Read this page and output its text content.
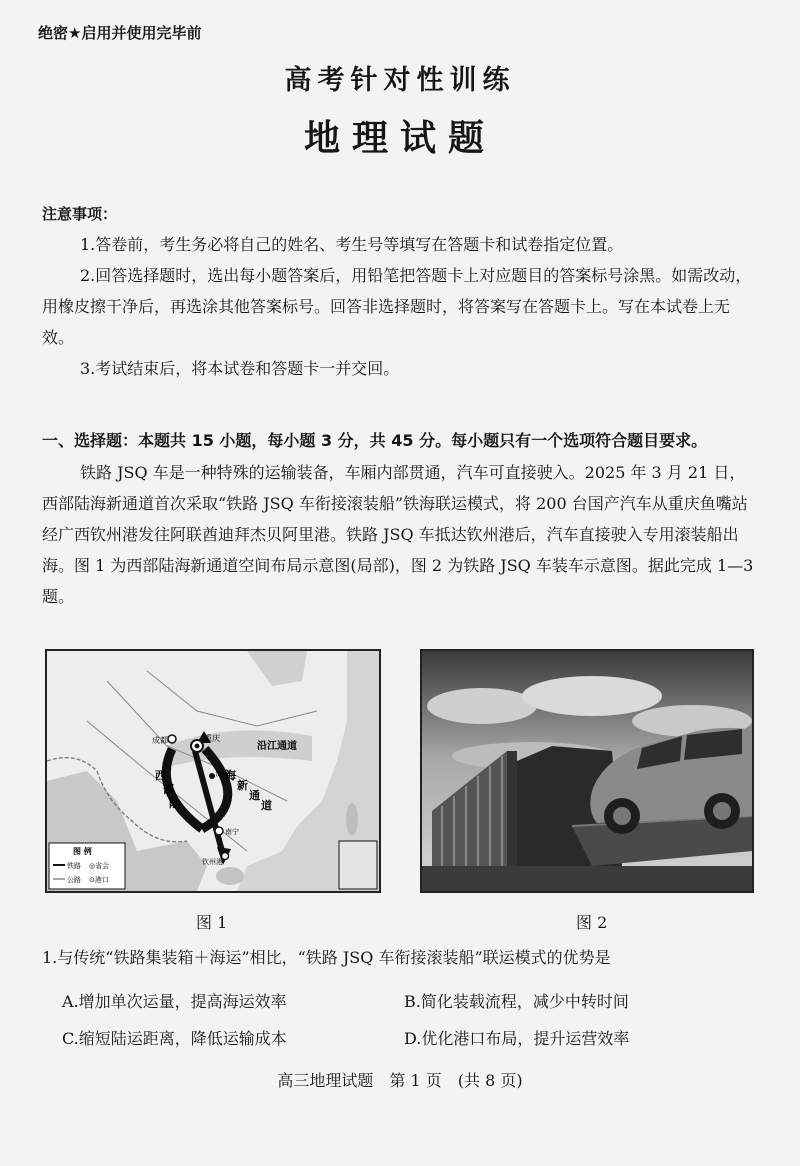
绝密★启用并使用完毕前
高考针对性训练
地理试题
注意事项：

1.答卷前，考生务必将自己的姓名、考生号等填写在答题卡和试卷指定位置。

2.回答选择题时，选出每小题答案后，用铅笔把答题卡上对应题目的答案标号涂黑。如需改动，用橡皮擦干净后，再选涂其他答案标号。回答非选择题时，将答案写在答题卡上。写在本试卷上无效。

3.考试结束后，将本试卷和答题卡一并交回。

一、选择题：本题共 15 小题，每小题 3 分，共 45 分。每小题只有一个选项符合题目要求。

铁路 JSQ 车是一种特殊的运输装备，车厢内部贯通，汽车可直接驶入。2025 年 3 月 21 日，西部陆海新通道首次采取“铁路 JSQ 车衔接滚装船”铁海联运模式，将 200 台国产汽车从重庆鱼嘴站经广西钦州港发往阿联酋迪拜杰贝阿里港。铁路 JSQ 车抵达钦州港后，汽车直接驶入专用滚装船出海。图 1 为西部陆海新通道空间布局示意图(局部)，图 2 为铁路 JSQ 车装车示意图。据此完成 1—3 题。

成都	重庆
贵阳
南宁
钦州港
沿江通道
西
部
陆
海
新
通
道
图 例
铁路 ◎省会
公路 ⊙港口
图 1	图 2
1.与传统“铁路集装箱＋海运”相比，“铁路 JSQ 车衔接滚装船”联运模式的优势是
A.增加单次运量，提高海运效率	B.简化装载流程，减少中转时间
C.缩短陆运距离，降低运输成本	D.优化港口布局，提升运营效率
高三地理试题　第 1 页　(共 8 页)
